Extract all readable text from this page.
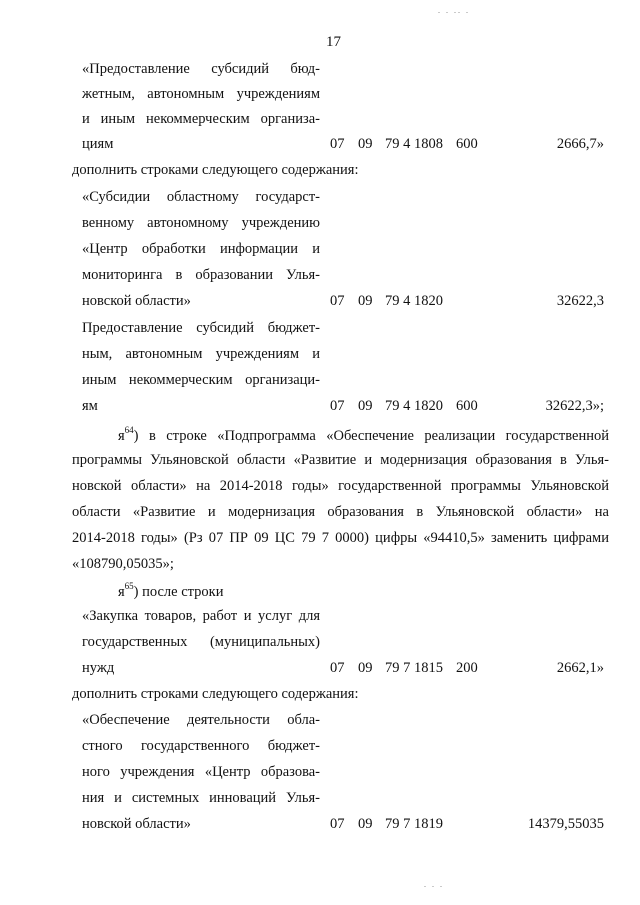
. . .. .
17
«Предоставление субсидий бюд-
жетным, автономным учреждениям
и иным некоммерческим организа-
циям	07 09 79 4 1808 600	2666,7»
дополнить строками следующего содержания:
«Субсидии областному государст-
венному автономному учреждению
«Центр обработки информации и
мониторинга в образовании Улья-
новской области»	07 09 79 4 1820	32622,3
Предоставление субсидий бюджет-
ным, автономным учреждениям и
иным некоммерческим организаци-
ям	07 09 79 4 1820 600	32622,3»;
$я^{64}$) в строке «Подпрограмма «Обеспечение реализации государственной
программы Ульяновской области «Развитие и модернизация образования в Улья-
новской области» на 2014-2018 годы» государственной программы Ульяновской
области «Развитие и модернизация образования в Ульяновской области» на
2014-2018 годы» (Рз 07 ПР 09 ЦС 79 7 0000) цифры «94410,5» заменить цифрами
«108790,05035»;
$я^{65}$) после строки
«Закупка товаров, работ и услуг для
государственных (муниципальных)
нужд	07 09 79 7 1815 200	2662,1»
дополнить строками следующего содержания:
«Обеспечение деятельности обла-
стного государственного бюджет-
ного учреждения «Центр образова-
ния и системных инноваций Улья-
новской области»	07 09 79 7 1819	14379,55035
. . .
